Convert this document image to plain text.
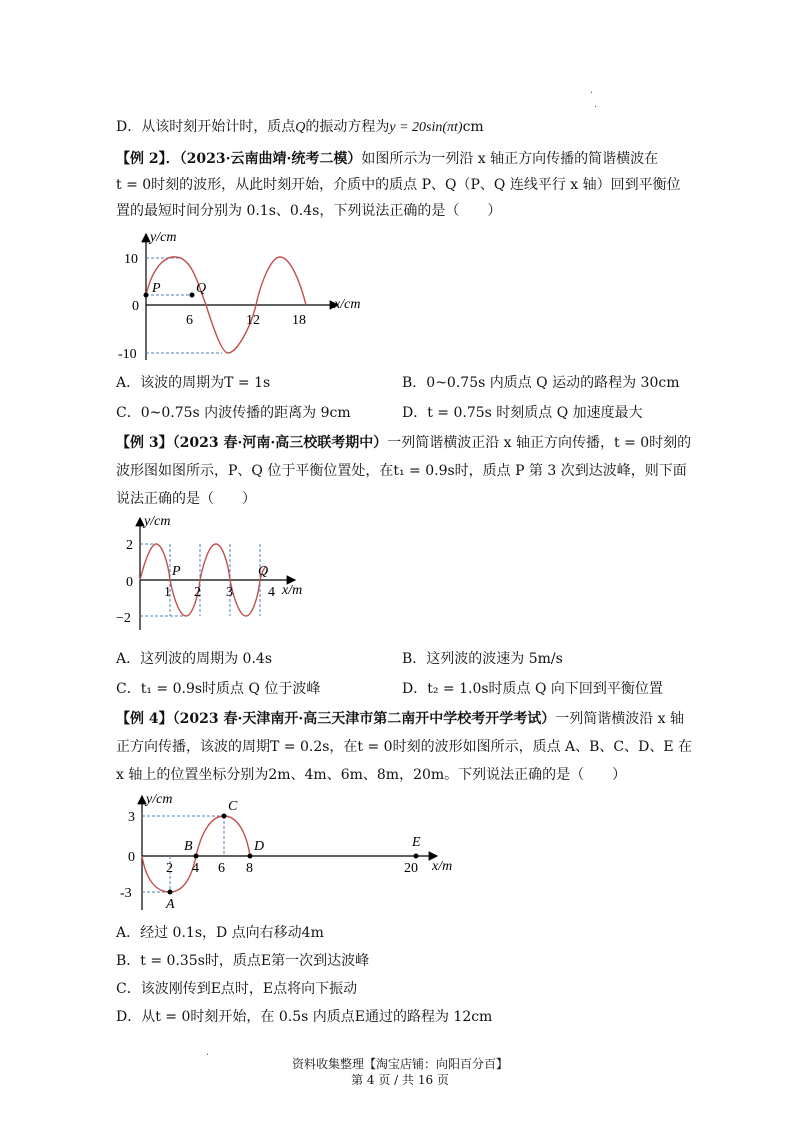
·
·
D．从该时刻开始计时，质点Q的振动方程为y = 20sin(πt)cm
【例 2】．（2023·云南曲靖·统考二模）如图所示为一列沿 x 轴正方向传播的简谐横波在
t = 0时刻的波形，从此时刻开始，介质中的质点 P、Q（P、Q 连线平行 x 轴）回到平衡位
置的最短时间分别为 0.1s、0.4s，下列说法正确的是（　　）
y/cm
x/cm
10
0
-10
6	12 18
P	Q
A．该波的周期为T = 1s	B．0~0.75s 内质点 Q 运动的路程为 30cm
C．0~0.75s 内波传播的距离为 9cm	D．t = 0.75s 时刻质点 Q 加速度最大
【例 3】（2023 春·河南·高三校联考期中）一列简谐横波正沿 x 轴正方向传播，t = 0时刻的
波形图如图所示，P、Q 位于平衡位置处，在t₁ = 0.9s时，质点 P 第 3 次到达波峰，则下面
说法正确的是（　　）
y/cm
x/m
2
0
−2
1 2 3	4
P	Q
A．这列波的周期为 0.4s	B．这列波的波速为 5m/s
C．t₁ = 0.9s时质点 Q 位于波峰	D．t₂ = 1.0s时质点 Q 向下回到平衡位置
【例 4】（2023 春·天津南开·高三天津市第二南开中学校考开学考试）一列简谐横波沿 x 轴
正方向传播，该波的周期T = 0.2s，在t = 0时刻的波形如图所示，质点 A、B、C、D、E 在
x 轴上的位置坐标分别为2m、4m、6m、8m，20m。下列说法正确的是（　　）
y/cm
x/m
3
0
-3
2 4 6 8	20
A
B
C
D	E
A．经过 0.1s，D 点向右移动4m
B．t = 0.35s时，质点E第一次到达波峰
C．该波刚传到E点时，E点将向下振动
D．从t = 0时刻开始，在 0.5s 内质点E通过的路程为 12cm
·
资料收集整理【淘宝店铺：向阳百分百】
第 4 页 / 共 16 页
